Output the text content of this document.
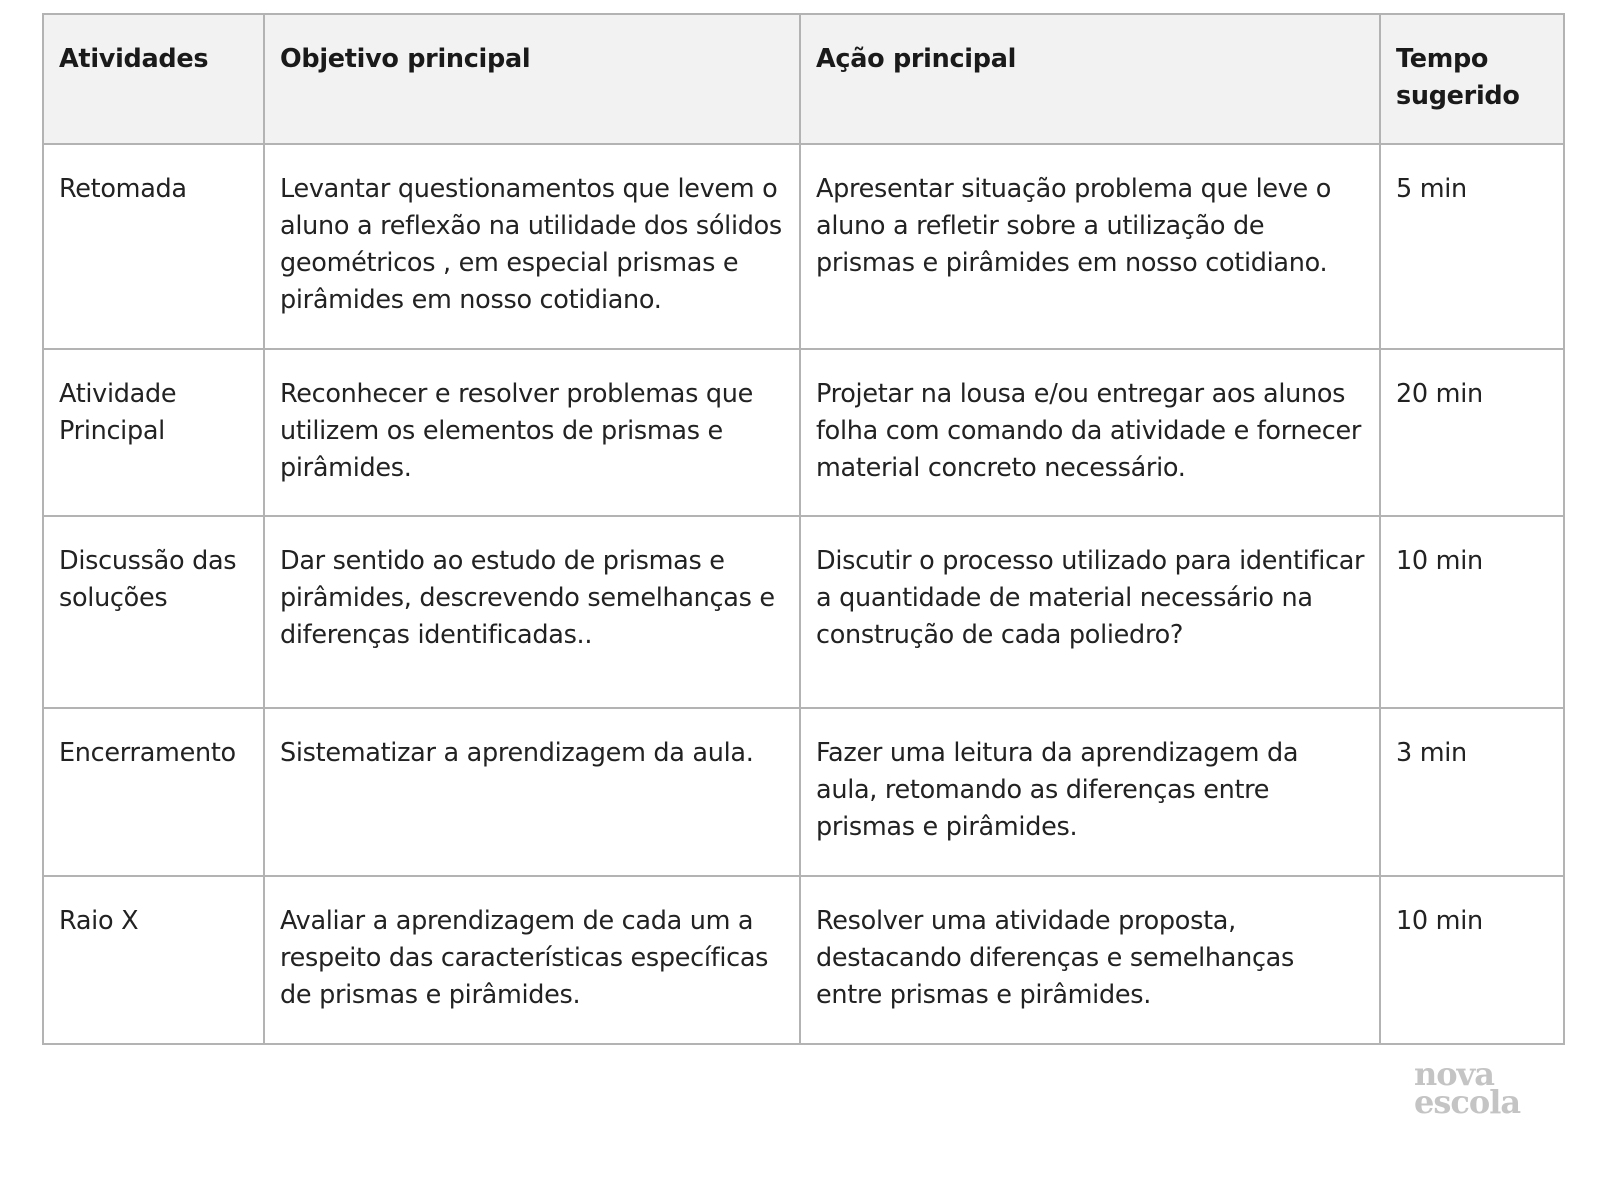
Atividades	Objetivo principal	Ação principal	Tempo sugerido
Retomada	Levantar questionamentos que levem o aluno a reflexão na utilidade dos sólidos geométricos , em especial prismas e pirâmides em nosso cotidiano.	Apresentar situação problema que leve o aluno a refletir sobre a utilização de prismas e pirâmides em nosso cotidiano.	5 min
Atividade Principal	Reconhecer e resolver problemas que utilizem os elementos de prismas e pirâmides.	Projetar na lousa e/ou entregar aos alunos folha com comando da atividade e fornecer material concreto necessário.	20 min
Discussão das soluções	Dar sentido ao estudo de prismas e pirâmides, descrevendo semelhanças e diferenças identificadas..	Discutir o processo utilizado para identificar a quantidade de material necessário na construção de cada poliedro?	10 min
Encerramento	Sistematizar a aprendizagem da aula.	Fazer uma leitura da aprendizagem da aula, retomando as diferenças entre prismas e pirâmides.	3 min
Raio X	Avaliar a aprendizagem de cada um a respeito das características específicas de prismas e pirâmides.	Resolver uma atividade proposta, destacando diferenças e semelhanças entre prismas e pirâmides.	10 min
nova
escola
